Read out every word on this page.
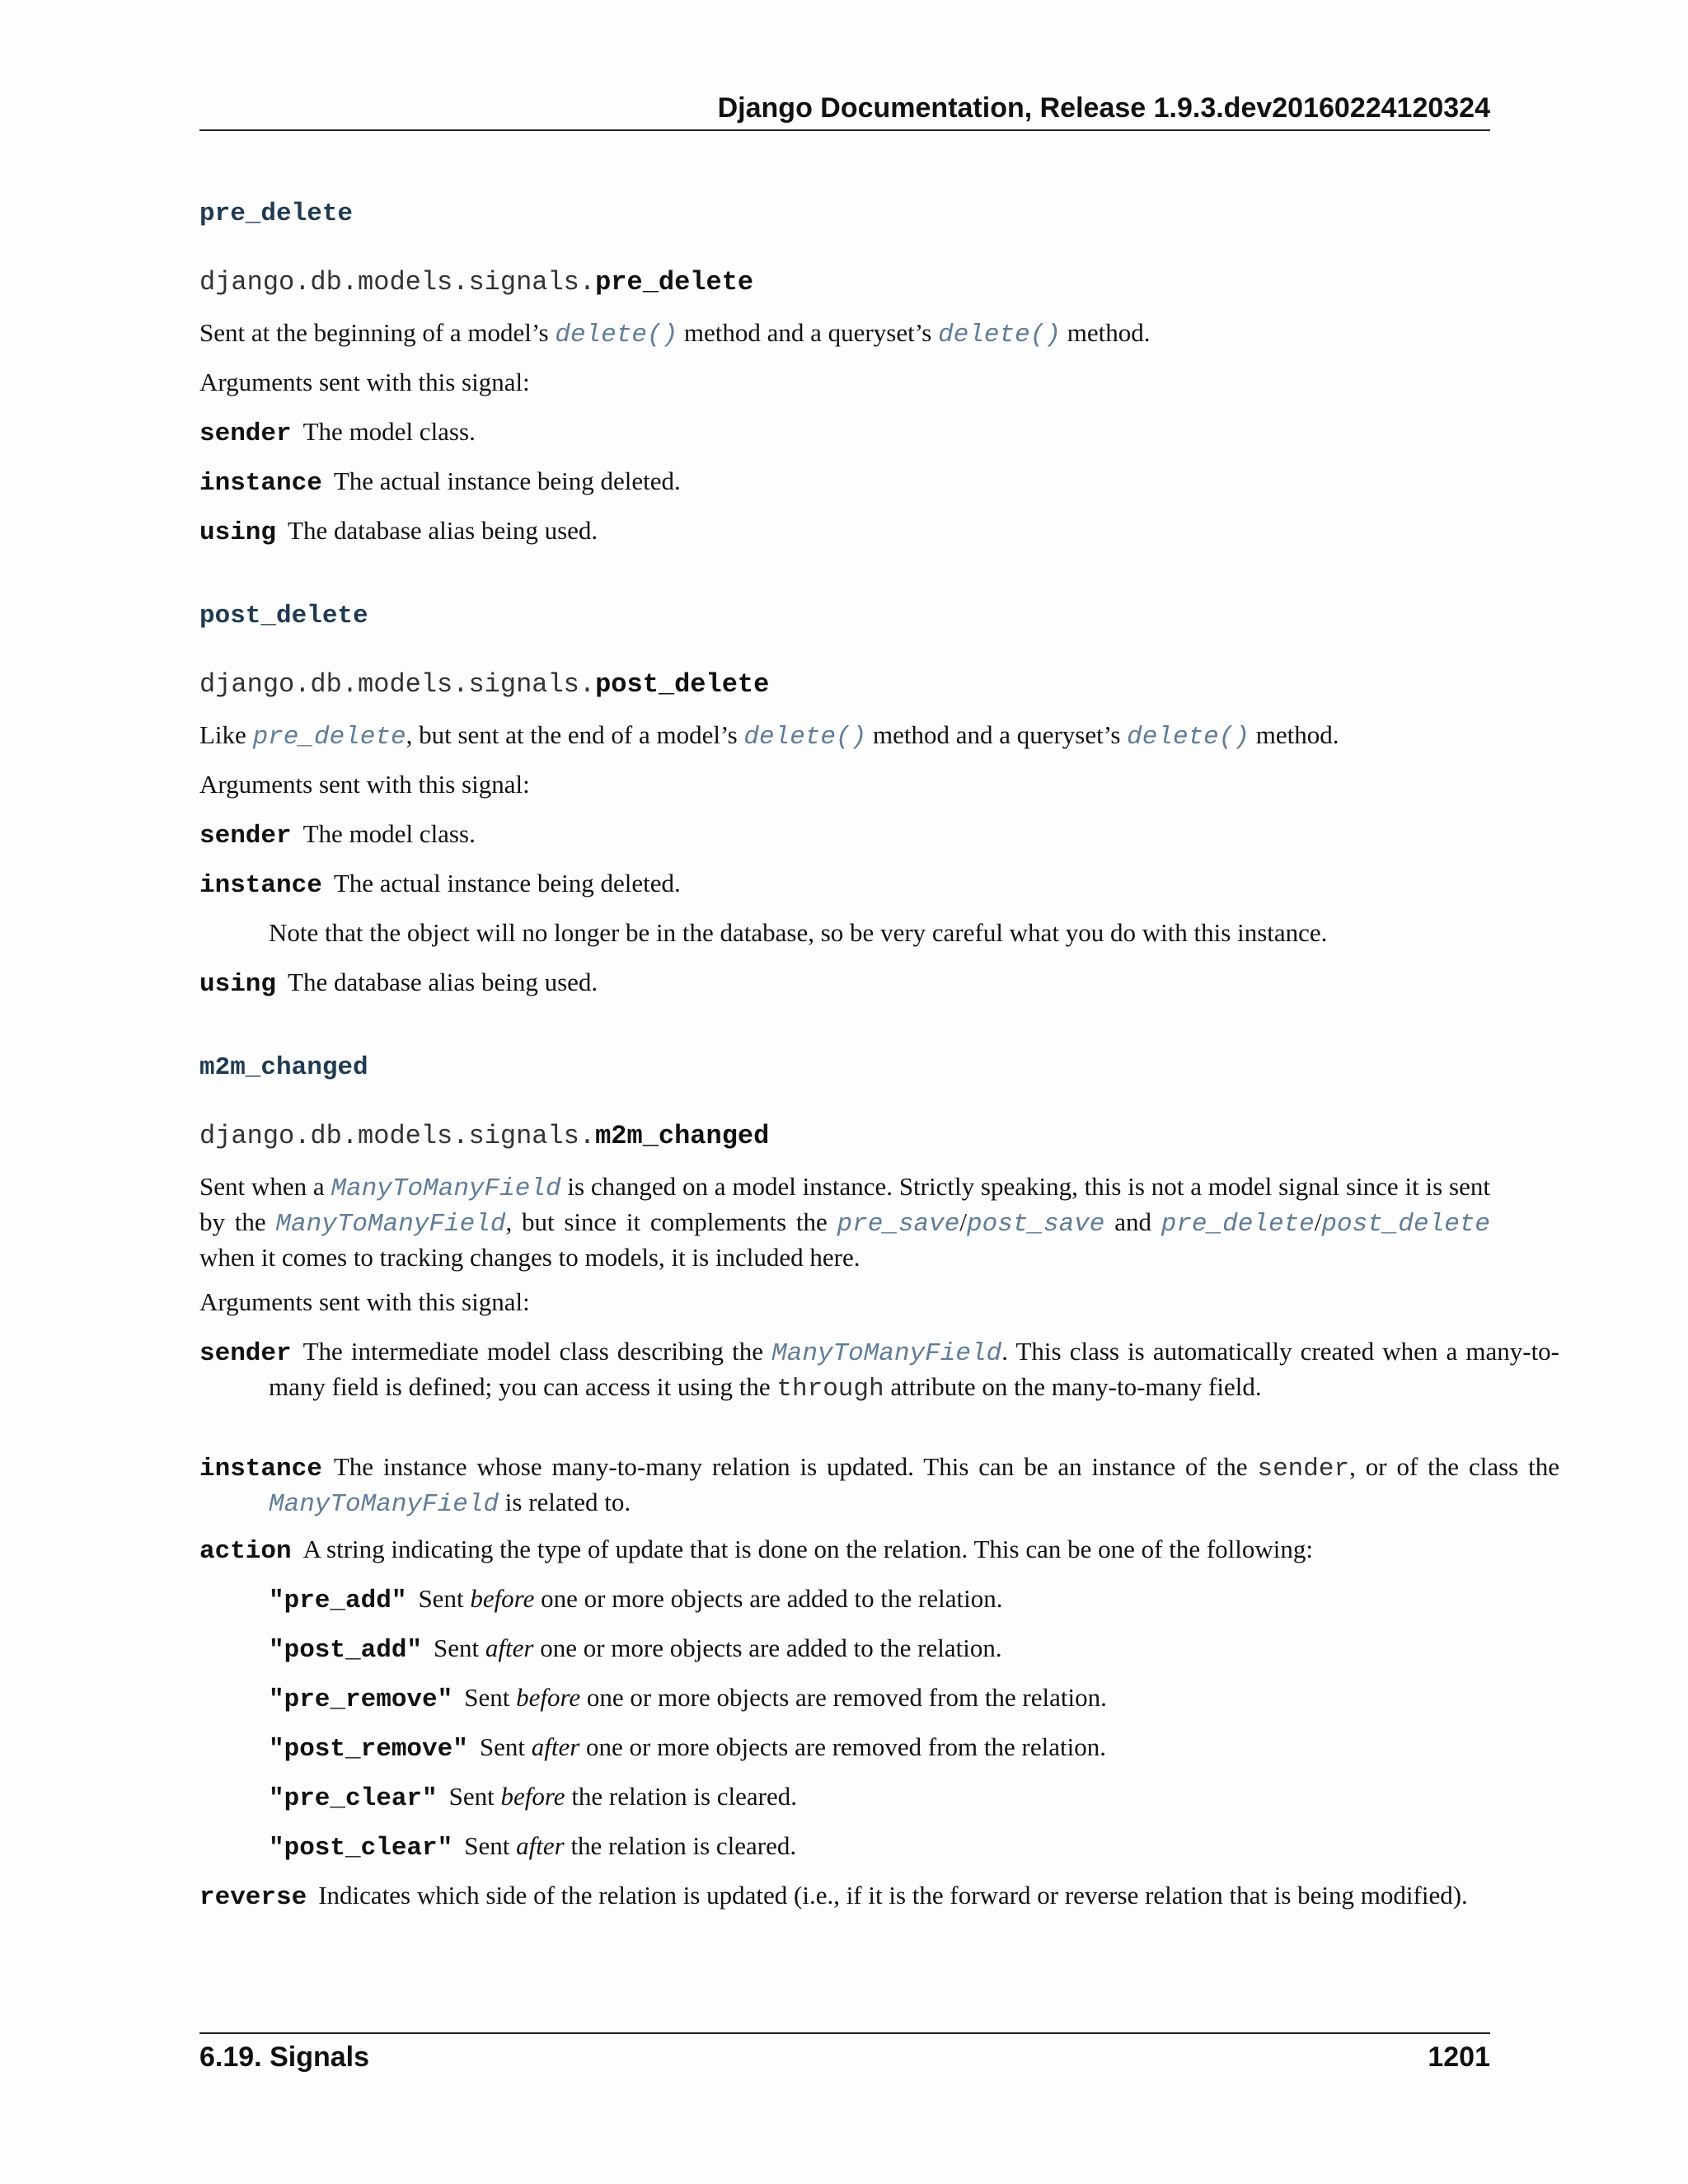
Django Documentation, Release 1.9.3.dev20160224120324
pre_delete
django.db.models.signals.pre_delete
Sent at the beginning of a model’s delete() method and a queryset’s delete() method.
Arguments sent with this signal:
sender The model class.
instance The actual instance being deleted.
using The database alias being used.
post_delete
django.db.models.signals.post_delete
Like pre_delete, but sent at the end of a model’s delete() method and a queryset’s delete() method.
Arguments sent with this signal:
sender The model class.
instance The actual instance being deleted.
Note that the object will no longer be in the database, so be very careful what you do with this instance.
using The database alias being used.
m2m_changed
django.db.models.signals.m2m_changed
Sent when a ManyToManyField is changed on a model instance. Strictly speaking, this is not a model signal since it is sent by the ManyToManyField, but since it complements the pre_save/post_save and pre_delete/post_delete when it comes to tracking changes to models, it is included here.
Arguments sent with this signal:
sender The intermediate model class describing the ManyToManyField. This class is automatically created when a many-to-many field is defined; you can access it using the through attribute on the many-to-many field.
instance The instance whose many-to-many relation is updated. This can be an instance of the sender, or of the class the ManyToManyField is related to.
action A string indicating the type of update that is done on the relation. This can be one of the following:
"pre_add" Sent before one or more objects are added to the relation.
"post_add" Sent after one or more objects are added to the relation.
"pre_remove" Sent before one or more objects are removed from the relation.
"post_remove" Sent after one or more objects are removed from the relation.
"pre_clear" Sent before the relation is cleared.
"post_clear" Sent after the relation is cleared.
reverse Indicates which side of the relation is updated (i.e., if it is the forward or reverse relation that is being modified).
6.19. Signals	1201
